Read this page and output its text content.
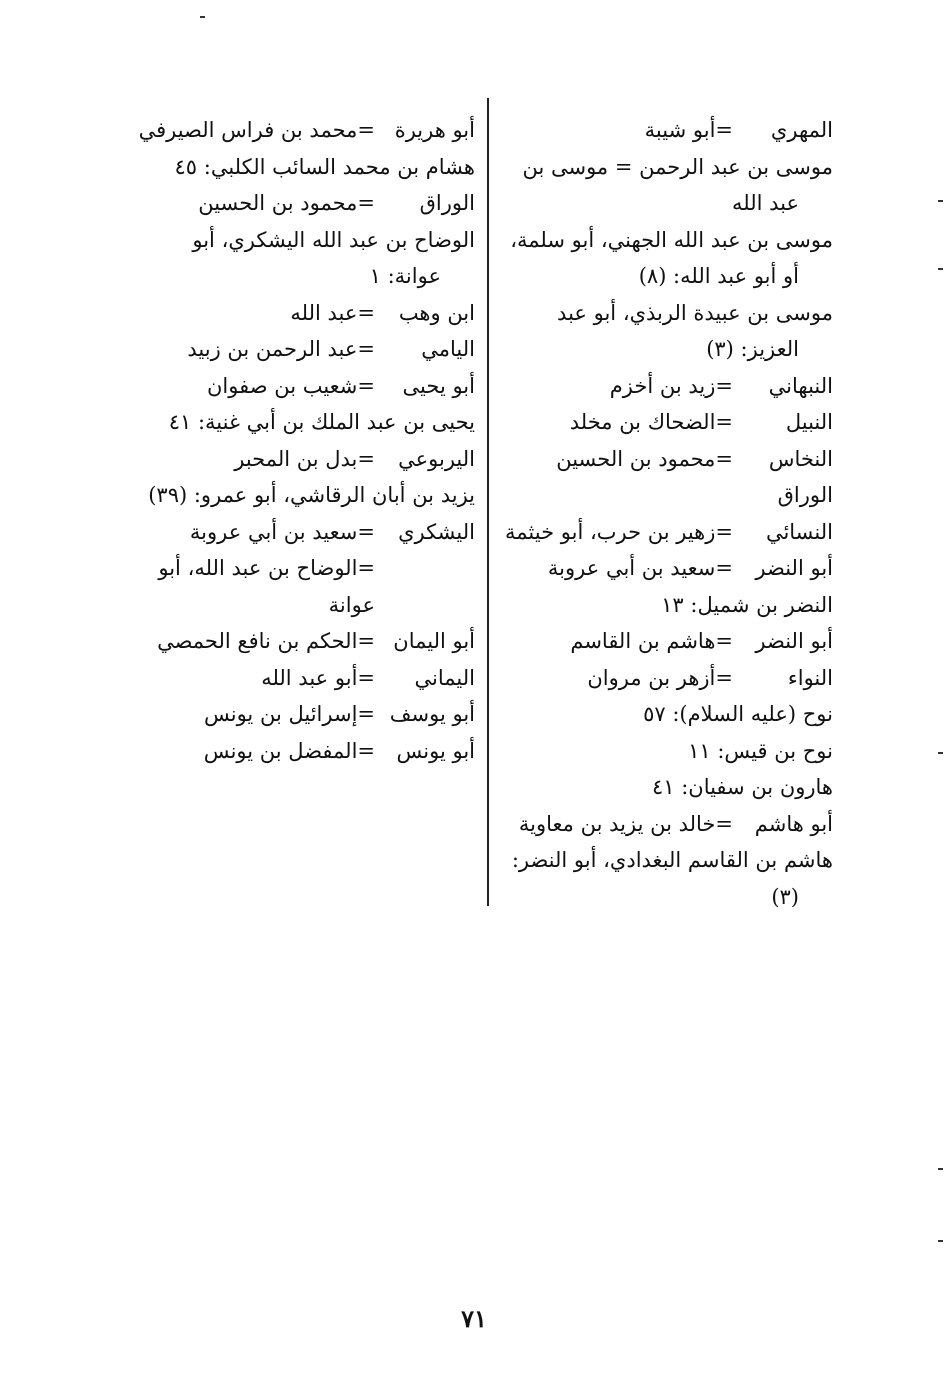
المهري=أبو شيبة
موسى بن عبد الرحمن = موسى بن عبد الله
موسى بن عبد الله الجهني، أبو سلمة، أو أبو عبد الله: (٨)
موسى بن عبيدة الربذي، أبو عبد العزيز: (٣)
النبهاني=زيد بن أخزم
النبيل=الضحاك بن مخلد
النخاس=محمود بن الحسين الوراق
النسائي=زهير بن حرب، أبو خيثمة
أبو النضر=سعيد بن أبي عروبة
النضر بن شميل: ١٣
أبو النضر=هاشم بن القاسم
النواء=أزهر بن مروان
نوح (عليه السلام): ٥٧
نوح بن قيس: ١١
هارون بن سفيان: ٤١
أبو هاشم=خالد بن يزيد بن معاوية
هاشم بن القاسم البغدادي، أبو النضر: (٣)
أبو هريرة=محمد بن فراس الصيرفي
هشام بن محمد السائب الكلبي: ٤٥
الوراق=محمود بن الحسين
الوضاح بن عبد الله اليشكري، أبو عوانة: ١
ابن وهب=عبد الله
اليامي=عبد الرحمن بن زبيد
أبو يحيى=شعيب بن صفوان
يحيى بن عبد الملك بن أبي غنية: ٤١
اليربوعي=بدل بن المحبر
يزيد بن أبان الرقاشي، أبو عمرو: (٣٩)
اليشكري=سعيد بن أبي عروبة
=الوضاح بن عبد الله، أبو عوانة
أبو اليمان=الحكم بن نافع الحمصي
اليماني=أبو عبد الله
أبو يوسف=إسرائيل بن يونس
أبو يونس=المفضل بن يونس
٧١
